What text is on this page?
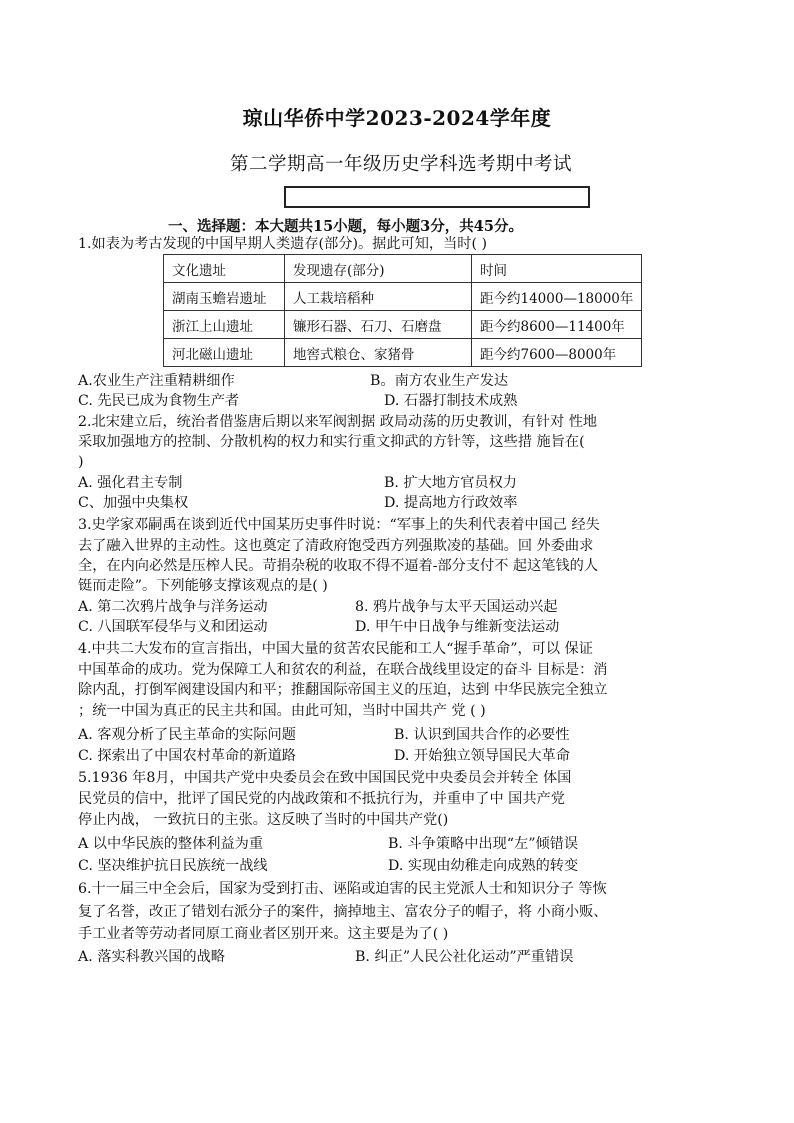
琼山华侨中学2023-2024学年度
第二学期高一年级历史学科选考期中考试
一、选择题：本大题共15小题，每小题3分，共45分。
1.如表为考古发现的中国早期人类遗存(部分)。据此可知，当时( )
文化遗址	发现遗存(部分)	时间
湖南玉蟾岩遗址	人工栽培稻种	距今约14000—18000年
浙江上山遗址	镰形石器、石刀、石磨盘	距今约8600—11400年
河北磁山遗址	地窖式粮仓、家猪骨	距今约7600—8000年
A.农业生产注重精耕细作	B。南方农业生产发达
C. 先民已成为食物生产者	D. 石器打制技术成熟
2.北宋建立后，统治者借鉴唐后期以来军阀割据 政局动荡的历史教训，有针对 性地
采取加强地方的控制、分散机构的权力和实行重文抑武的方针等，这些措 施旨在(
)
A. 强化君主专制	B. 扩大地方官员权力
C、加强中央集权	D. 提高地方行政效率
3.史学家邓嗣禹在谈到近代中国某历史事件时说：“军事上的失利代表着中国己 经失
去了融入世界的主动性。这也奠定了清政府饱受西方列强欺凌的基础。回 外委曲求
全，在内向必然是压榨人民。苛捐杂税的收取不得不逼着-部分支付不 起这笔钱的人
铤而走险”。下列能够支撑该观点的是( )
A. 第二次鸦片战争与洋务运动	8. 鸦片战争与太平天国运动兴起
C. 八国联军侵华与义和团运动	D. 甲午中日战争与维新变法运动
4.中共二大发布的宣言指出，中国大量的贫苦农民能和工人“握手革命”，可以 保证
中国革命的成功。党为保障工人和贫农的利益，在联合战线里设定的奋斗 目标是：消
除内乱，打倒军阀建设国内和平；推翻国际帝国主义的压迫，达到 中华民族完全独立
；统一中国为真正的民主共和国。由此可知，当时中国共产 党 ( )
A. 客观分析了民主革命的实际问题	B. 认识到国共合作的必要性
C. 探索出了中国农村革命的新道路	D. 开始独立领导国民大革命
5.1936 年8月，中国共产党中央委员会在致中国国民党中央委员会并转全 体国
民党员的信中，批评了国民党的内战政策和不抵抗行为，并重申了中 国共产党
停止内战， 一致抗日的主张。这反映了当时的中国共产党()
A 以中华民族的整体利益为重	B. 斗争策略中出现“左”倾错误
C. 坚决维护抗日民族统一战线	D. 实现由幼稚走向成熟的转变
6.十一届三中全会后，国家为受到打击、诬陷或迫害的民主党派人士和知识分子 等恢
复了名誉，改正了错划右派分子的案件，摘掉地主、富农分子的帽子，将 小商小贩、
手工业者等劳动者同原工商业者区别开来。这主要是为了( )
A. 落实科教兴国的战略	B. 纠正”人民公社化运动”严重错误
